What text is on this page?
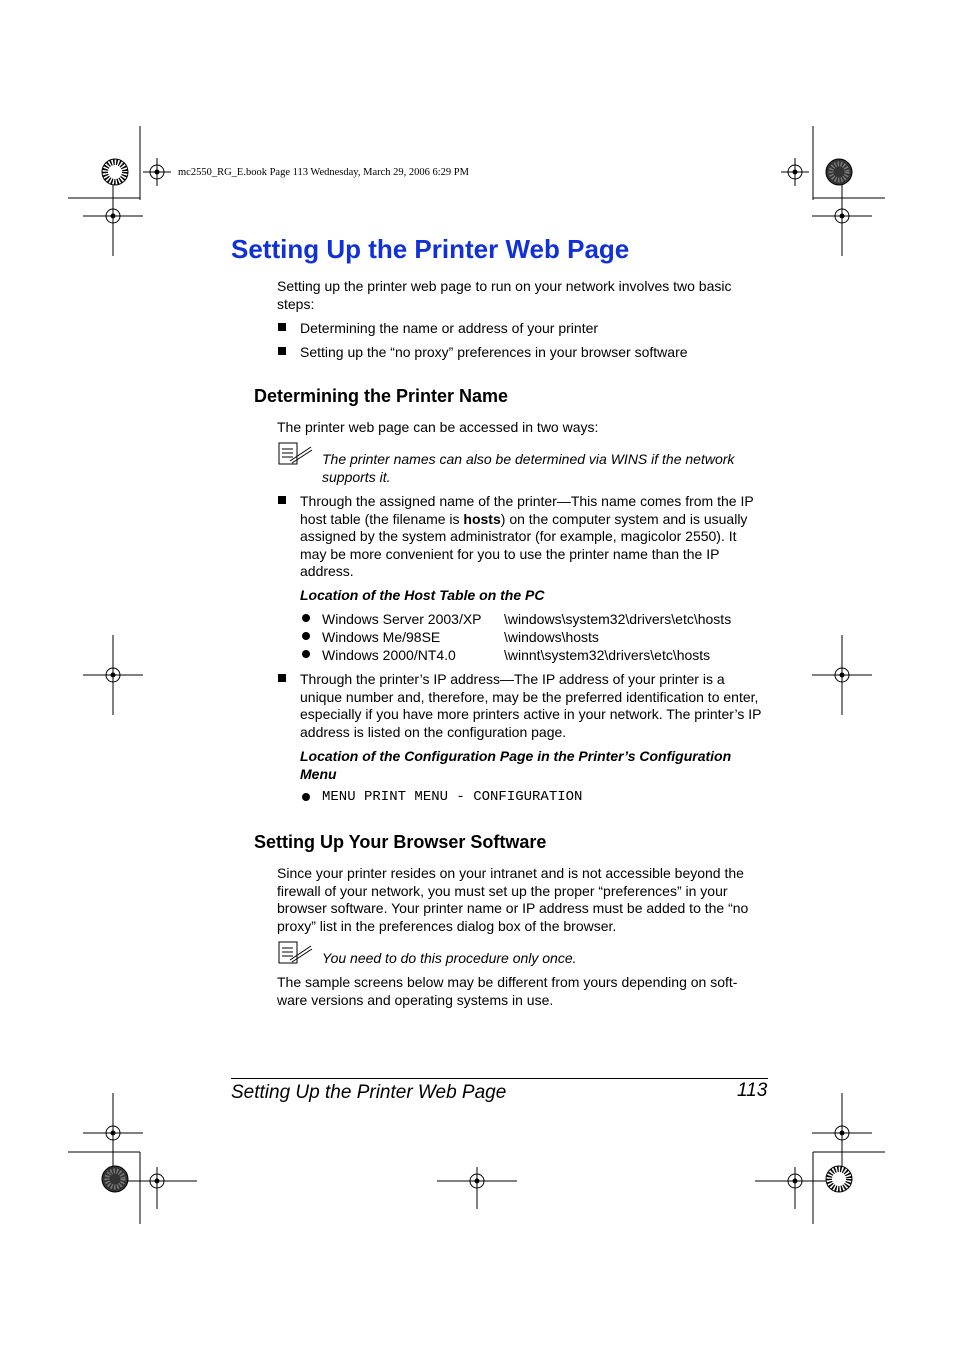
mc2550_RG_E.book Page 113 Wednesday, March 29, 2006 6:29 PM
Setting Up the Printer Web Page
Setting up the printer web page to run on your network involves two basic steps:
Determining the name or address of your printer
Setting up the “no proxy” preferences in your browser software
Determining the Printer Name
The printer web page can be accessed in two ways:
The printer names can also be determined via WINS if the network supports it.
Through the assigned name of the printer—This name comes from the IP host table (the filename is hosts) on the computer system and is usually assigned by the system administrator (for example, magicolor 2550). It may be more convenient for you to use the printer name than the IP address.
Location of the Host Table on the PC
Windows Server 2003/XP \windows\system32\drivers\etc\hosts
Windows Me/98SE	\windows\hosts
Windows 2000/NT4.0	\winnt\system32\drivers\etc\hosts
Through the printer’s IP address—The IP address of your printer is a unique number and, therefore, may be the preferred identification to enter, especially if you have more printers active in your network. The printer’s IP address is listed on the configuration page.
Location of the Configuration Page in the Printer’s Configuration Menu
MENU PRINT MENU - CONFIGURATION
Setting Up Your Browser Software
Since your printer resides on your intranet and is not accessible beyond the firewall of your network, you must set up the proper “preferences” in your browser software. Your printer name or IP address must be added to the “no proxy” list in the preferences dialog box of the browser.
You need to do this procedure only once.
The sample screens below may be different from yours depending on soft-ware versions and operating systems in use.
Setting Up the Printer Web Page	113
